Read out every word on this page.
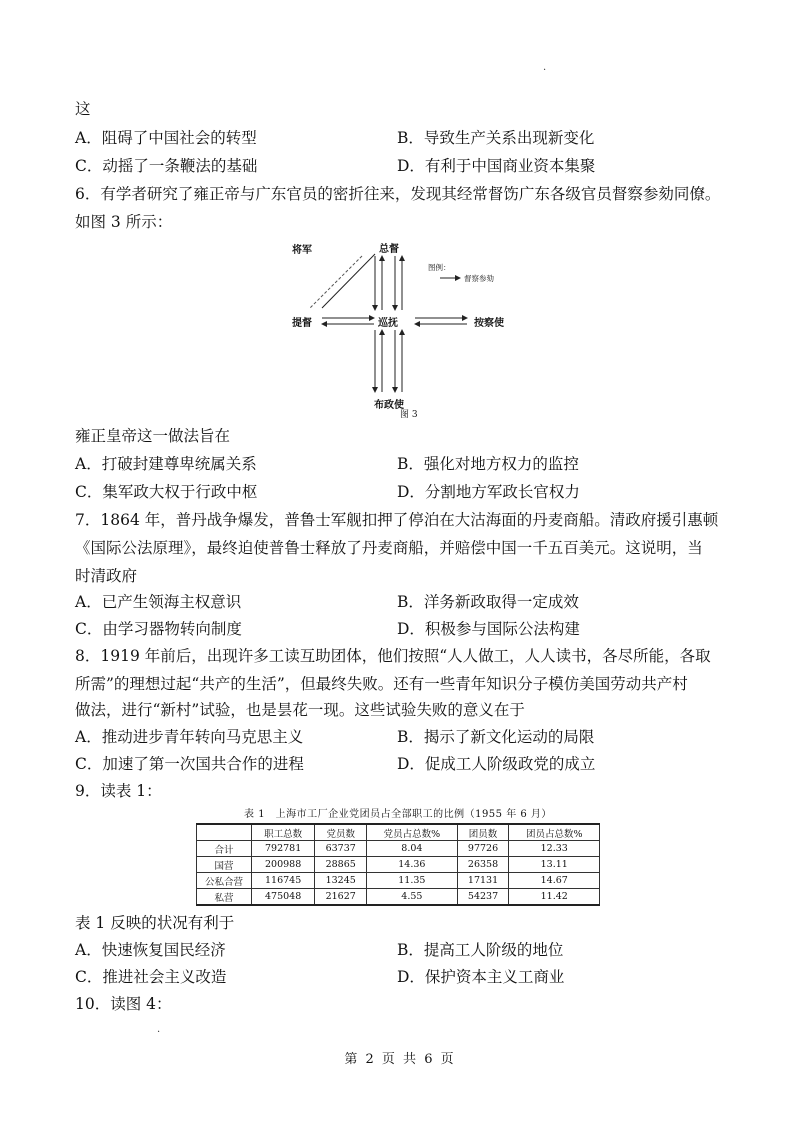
.
这
A．阻碍了中国社会的转型	B．导致生产关系出现新变化
C．动摇了一条鞭法的基础	D．有利于中国商业资本集聚
6．有学者研究了雍正帝与广东官员的密折往来，发现其经常督饬广东各级官员督察参劾同僚。
如图 3 所示：
将军	总督
提督	巡抚	按察使
布政使
图例：
督察参劾
图 3
雍正皇帝这一做法旨在
A．打破封建尊卑统属关系	B．强化对地方权力的监控
C．集军政大权于行政中枢	D．分割地方军政长官权力
7．1864 年，普丹战争爆发，普鲁士军舰扣押了停泊在大沽海面的丹麦商船。清政府援引惠顿
《国际公法原理》，最终迫使普鲁士释放了丹麦商船，并赔偿中国一千五百美元。这说明，当
时清政府
A．已产生领海主权意识	B．洋务新政取得一定成效
C．由学习器物转向制度	D．积极参与国际公法构建
8．1919 年前后，出现许多工读互助团体，他们按照“人人做工，人人读书，各尽所能，各取
所需”的理想过起“共产的生活”，但最终失败。还有一些青年知识分子模仿美国劳动共产村
做法，进行“新村”试验，也是昙花一现。这些试验失败的意义在于
A．推动进步青年转向马克思主义	B．揭示了新文化运动的局限
C．加速了第一次国共合作的进程	D．促成工人阶级政党的成立
9．读表 1：
表 1　上海市工厂企业党团员占全部职工的比例（1955 年 6 月）
	职工总数	党员数	党员占总数%	团员数	团员占总数%
合计	792781	63737	8.04	97726	12.33
国营	200988	28865	14.36	26358	13.11
公私合营	116745	13245	11.35	17131	14.67
私营	475048	21627	4.55	54237	11.42
表 1 反映的状况有利于
A．快速恢复国民经济	B．提高工人阶级的地位
C．推进社会主义改造	D．保护资本主义工商业
10．读图 4：
.
第 2 页 共 6 页
